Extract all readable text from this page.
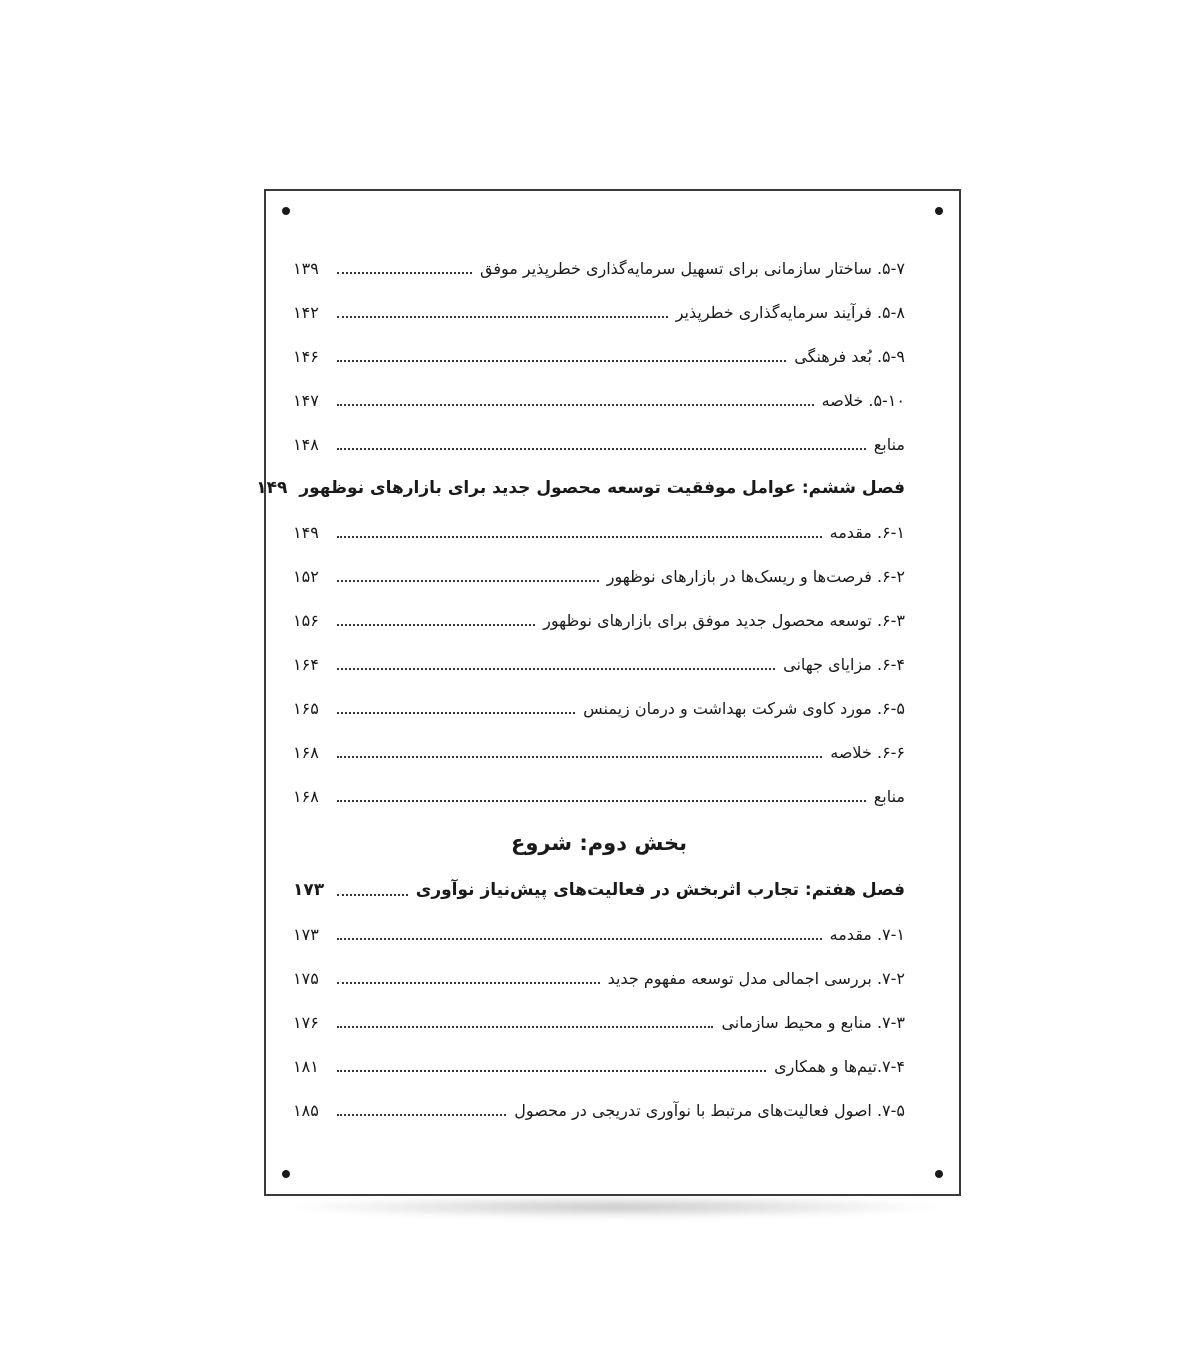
۵-۷. ساختار سازمانی برای تسهیل سرمایه‌گذاری خطرپذیر موفق
۱۳۹
۵-۸. فرآیند سرمایه‌گذاری خطرپذیر
۱۴۲
۵-۹. بُعد فرهنگی
۱۴۶
۵-۱۰. خلاصه
۱۴۷
منابع
۱۴۸
فصل ششم: عوامل موفقیت توسعه محصول جدید برای بازارهای نوظهور
۱۴۹
۶-۱. مقدمه
۱۴۹
۶-۲. فرصت‌ها و ریسک‌ها در بازارهای نوظهور
۱۵۲
۶-۳. توسعه محصول جدید موفق برای بازارهای نوظهور
۱۵۶
۶-۴. مزایای جهانی
۱۶۴
۶-۵. مورد کاوی شرکت بهداشت و درمان زیمنس
۱۶۵
۶-۶. خلاصه
۱۶۸
منابع
۱۶۸
بخش دوم: شروع
فصل هفتم: تجارب اثربخش در فعالیت‌های پیش‌نیاز نوآوری
۱۷۳
۷-۱. مقدمه
۱۷۳
۷-۲. بررسی اجمالی مدل توسعه مفهوم جدید
۱۷۵
۷-۳. منابع و محیط سازمانی
۱۷۶
۷-۴.تیم‌ها و همکاری
۱۸۱
۷-۵. اصول فعالیت‌های مرتبط با نوآوری تدریجی در محصول
۱۸۵
